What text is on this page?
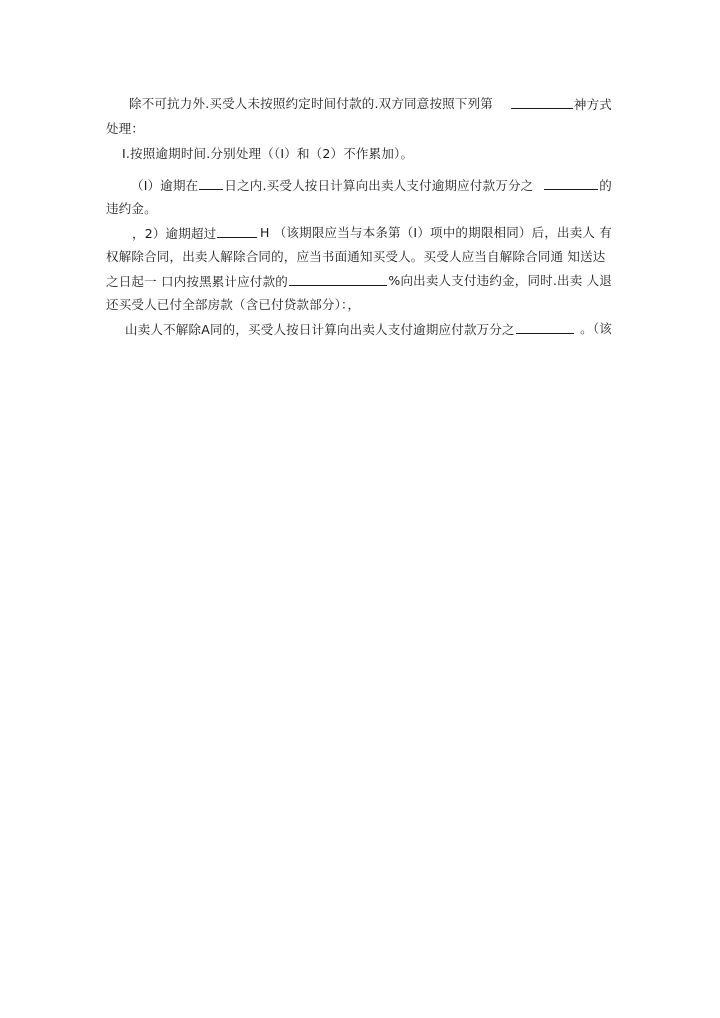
除不可抗力外.买受人未按照约定时间付款的.双方同意按照下列第	神方式
处理：
I.按照逾期时间.分别处理（（I）和（2）不作累加）。
（I）逾期在 日之内.买受人按日计算向出卖人支付逾期应付款万分之	的
违约金。
，2）逾期超过	H （该期限应当与本条第（I）项中的期限相同）后，出卖人 有
权解除合同，出卖人解除合同的，应当书面通知买受人。买受人应当自解除合同通 知送达
之日起一 口内按黑累计应付款的	%向出卖人支付违约金，同时.出卖 人退
还买受人已付全部房款（含已付贷款部分）：，
山卖人不解除A同的，买受人按日计算向出卖人支付逾期应付款万分之	。（该
